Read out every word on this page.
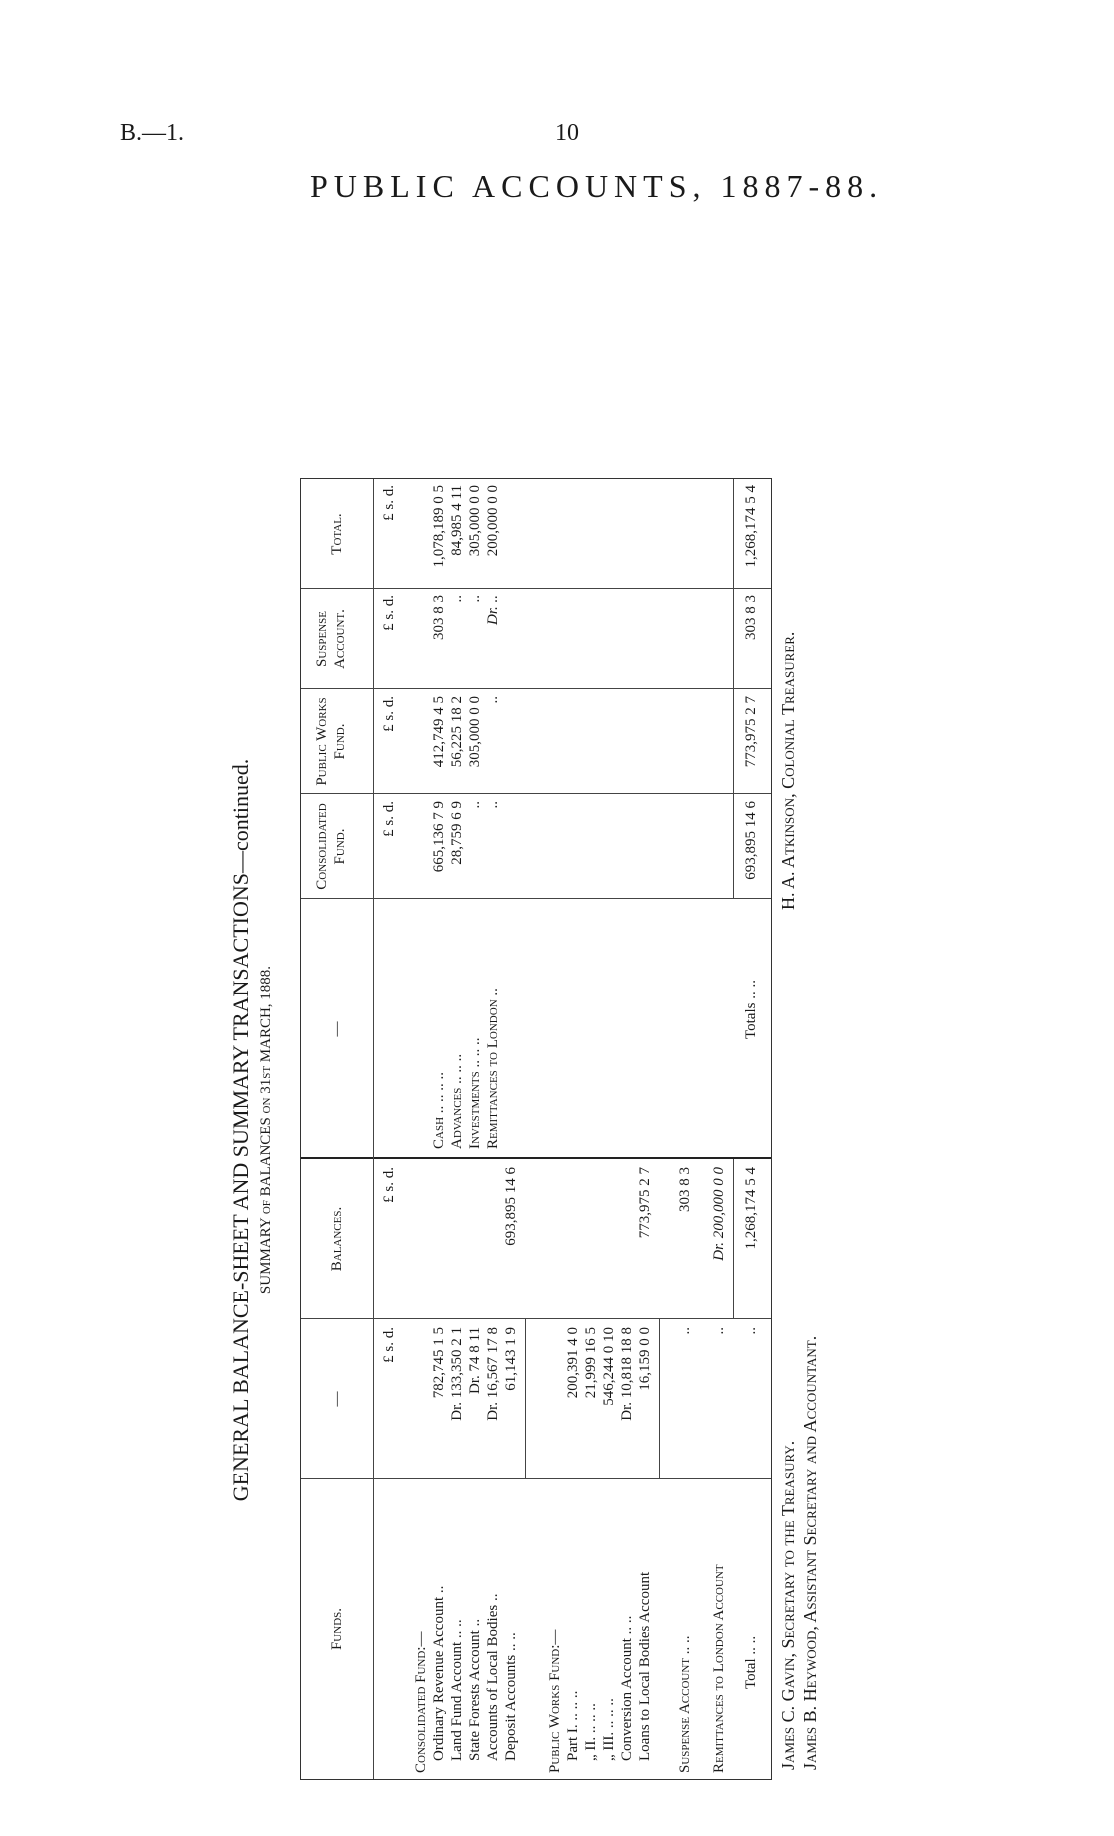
B.—1.	10
PUBLIC ACCOUNTS, 1887-88.
GENERAL BALANCE-SHEET AND SUMMARY TRANSACTIONS—continued. SUMMARY of BALANCES on 31st MARCH, 1888.
Funds.
—
Balances.
—
Consolidated Fund.
Public Works Fund.
Suspense Account.
Total.
£ s. d.
£ s. d.
£ s. d.
£ s. d.
£ s. d.
£ s. d.
Consolidated Fund:— Ordinary Revenue Account ..
782,745 1 5
Land Fund Account .. ..
Dr. 133,350 2 1
State Forests Account ..
Dr. 74 8 11
Accounts of Local Bodies ..
Dr. 16,567 17 8
Deposit Accounts .. ..
61,143 1 9
693,895 14 6
Public Works Fund:— Part I. .. .. ..
200,391 4 0
„ II. .. .. ..
21,999 16 5
„ III. .. .. ..
546,244 0 10
Conversion Account .. ..
Dr. 10,818 18 8
Loans to Local Bodies Account
16,159 0 0
773,975 2 7
Suspense Account .. ..
..
303 8 3
Remittances to London Account
..
Dr. 200,000 0 0
Total .. ..
..
1,268,174 5 4
Cash .. .. .. ..
665,136 7 9
412,749 4 5
303 8 3
1,078,189 0 5
Advances .. .. ..
28,759 6 9
56,225 18 2
..
84,985 4 11
Investments .. .. ..
..
305,000 0 0
..
305,000 0 0
Remittances to London ..
..
..
Dr. ..
200,000 0 0
Totals .. ..
693,895 14 6
773,975 2 7
303 8 3
1,268,174 5 4
James C. Gavin, Secretary to the Treasury. James B. Heywood, Assistant Secretary and Accountant.
H. A. Atkinson, Colonial Treasurer.
